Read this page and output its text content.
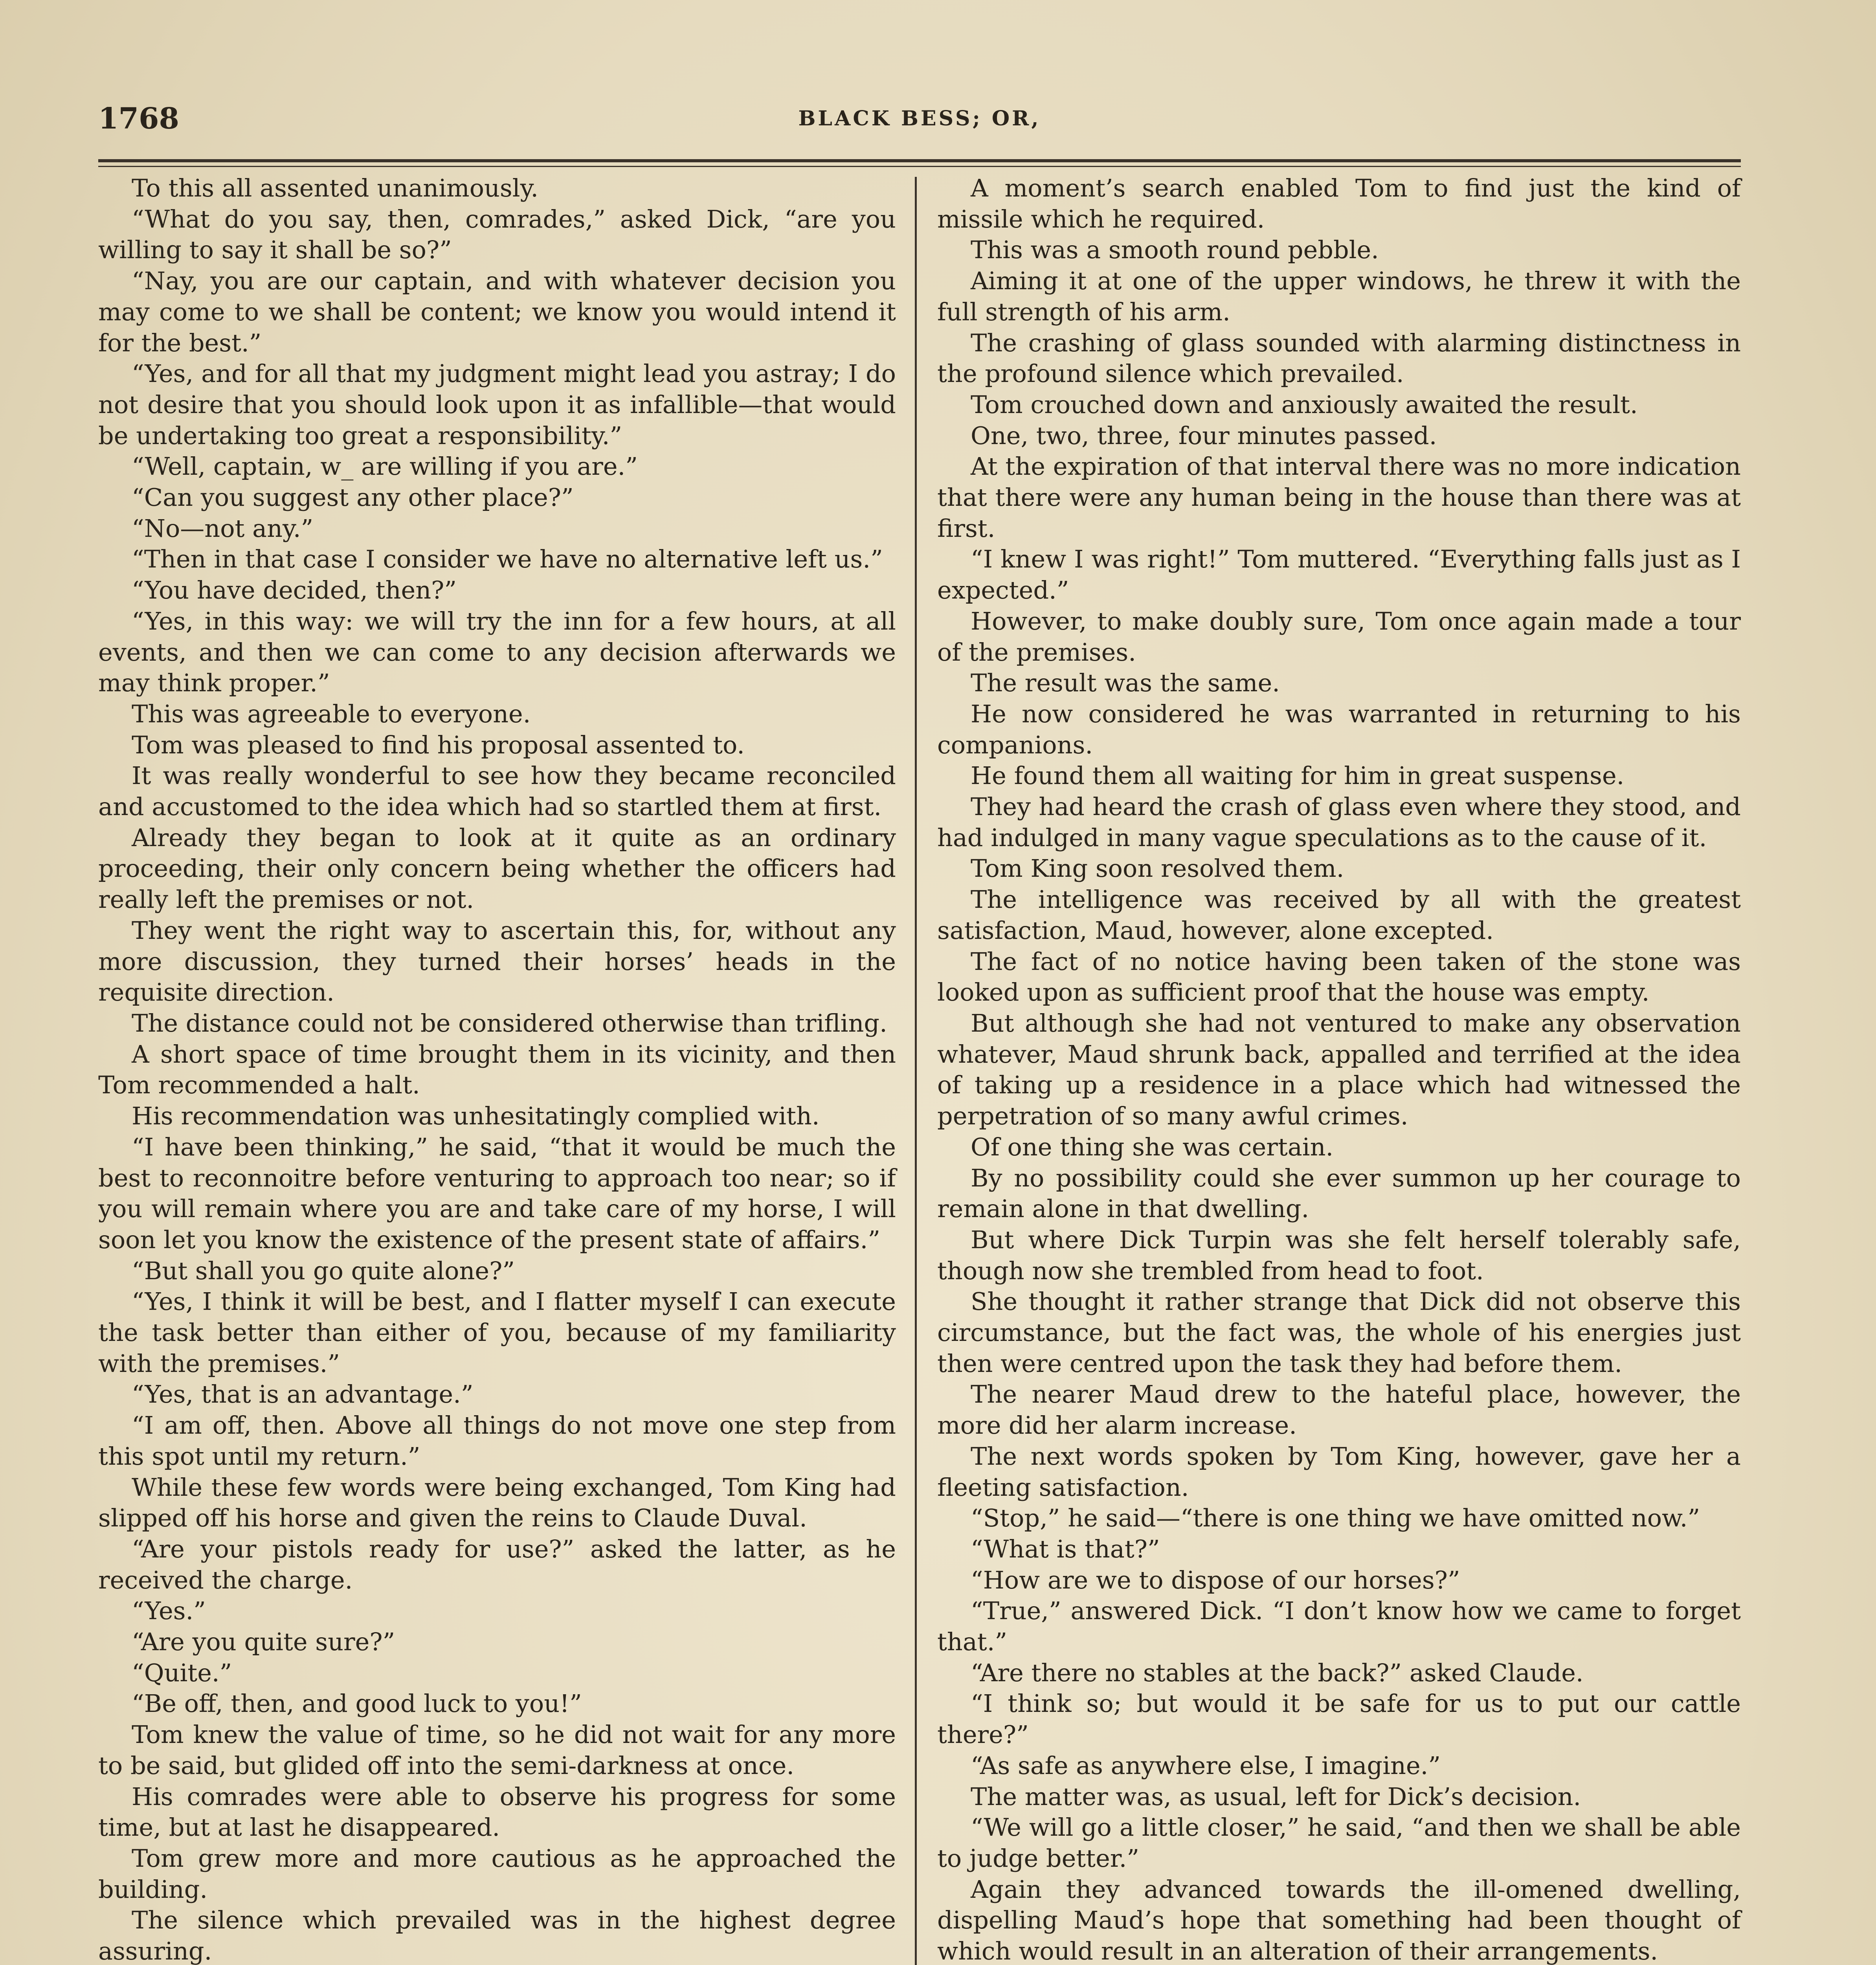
1768	BLACK BESS; OR,

To this all assented unanimously.

“What do you say, then, comrades,” asked Dick, “are you willing to say it shall be so?”

“Nay, you are our captain, and with whatever decision you may come to we shall be content; we know you would intend it for the best.”

“Yes, and for all that my judgment might lead you astray; I do not desire that you should look upon it as infallible—that would be undertaking too great a responsibility.”

“Well, captain, w_ are willing if you are.”

“Can you suggest any other place?”

“No—not any.”

“Then in that case I consider we have no alternative left us.”

“You have decided, then?”

“Yes, in this way: we will try the inn for a few hours, at all events, and then we can come to any decision afterwards we may think proper.”

This was agreeable to everyone.

Tom was pleased to find his proposal assented to.

It was really wonderful to see how they became reconciled and accustomed to the idea which had so startled them at first.

Already they began to look at it quite as an ordinary proceeding, their only concern being whether the officers had really left the premises or not.

They went the right way to ascertain this, for, without any more discussion, they turned their horses’ heads in the requisite direction.

The distance could not be considered otherwise than trifling.

A short space of time brought them in its vicinity, and then Tom recommended a halt.

His recommendation was unhesitatingly complied with.

“I have been thinking,” he said, “that it would be much the best to reconnoitre before venturing to approach too near; so if you will remain where you are and take care of my horse, I will soon let you know the existence of the present state of affairs.”

“But shall you go quite alone?”

“Yes, I think it will be best, and I flatter myself I can execute the task better than either of you, because of my familiarity with the premises.”

“Yes, that is an advantage.”

“I am off, then. Above all things do not move one step from this spot until my return.”

While these few words were being exchanged, Tom King had slipped off his horse and given the reins to Claude Duval.

“Are your pistols ready for use?” asked the latter, as he received the charge.

“Yes.”

“Are you quite sure?”

“Quite.”

“Be off, then, and good luck to you!”

Tom knew the value of time, so he did not wait for any more to be said, but glided off into the semi-darkness at once.

His comrades were able to observe his progress for some time, but at last he disappeared.

Tom grew more and more cautious as he approached the building.

The silence which prevailed was in the highest degree assuring.

A moment’s search enabled Tom to find just the kind of missile which he required.

This was a smooth round pebble.

Aiming it at one of the upper windows, he threw it with the full strength of his arm.

The crashing of glass sounded with alarming distinctness in the profound silence which prevailed.

Tom crouched down and anxiously awaited the result.

One, two, three, four minutes passed.

At the expiration of that interval there was no more indication that there were any human being in the house than there was at first.

“I knew I was right!” Tom muttered. “Everything falls just as I expected.”

However, to make doubly sure, Tom once again made a tour of the premises.

The result was the same.

He now considered he was warranted in returning to his companions.

He found them all waiting for him in great suspense.

They had heard the crash of glass even where they stood, and had indulged in many vague speculations as to the cause of it.

Tom King soon resolved them.

The intelligence was received by all with the greatest satisfaction, Maud, however, alone excepted.

The fact of no notice having been taken of the stone was looked upon as sufficient proof that the house was empty.

But although she had not ventured to make any observation whatever, Maud shrunk back, appalled and terrified at the idea of taking up a residence in a place which had witnessed the perpetration of so many awful crimes.

Of one thing she was certain.

By no possibility could she ever summon up her courage to remain alone in that dwelling.

But where Dick Turpin was she felt herself tolerably safe, though now she trembled from head to foot.

She thought it rather strange that Dick did not observe this circumstance, but the fact was, the whole of his energies just then were centred upon the task they had before them.

The nearer Maud drew to the hateful place, however, the more did her alarm increase.

The next words spoken by Tom King, however, gave her a fleeting satisfaction.

“Stop,” he said—“there is one thing we have omitted now.”

“What is that?”

“How are we to dispose of our horses?”

“True,” answered Dick. “I don’t know how we came to forget that.”

“Are there no stables at the back?” asked Claude.

“I think so; but would it be safe for us to put our cattle there?”

“As safe as anywhere else, I imagine.”

The matter was, as usual, left for Dick’s decision.

“We will go a little closer,” he said, “and then we shall be able to judge better.”

Again they advanced towards the ill-omened dwelling, dispelling Maud’s hope that something had been thought of which would result in an alteration of their arrangements.
